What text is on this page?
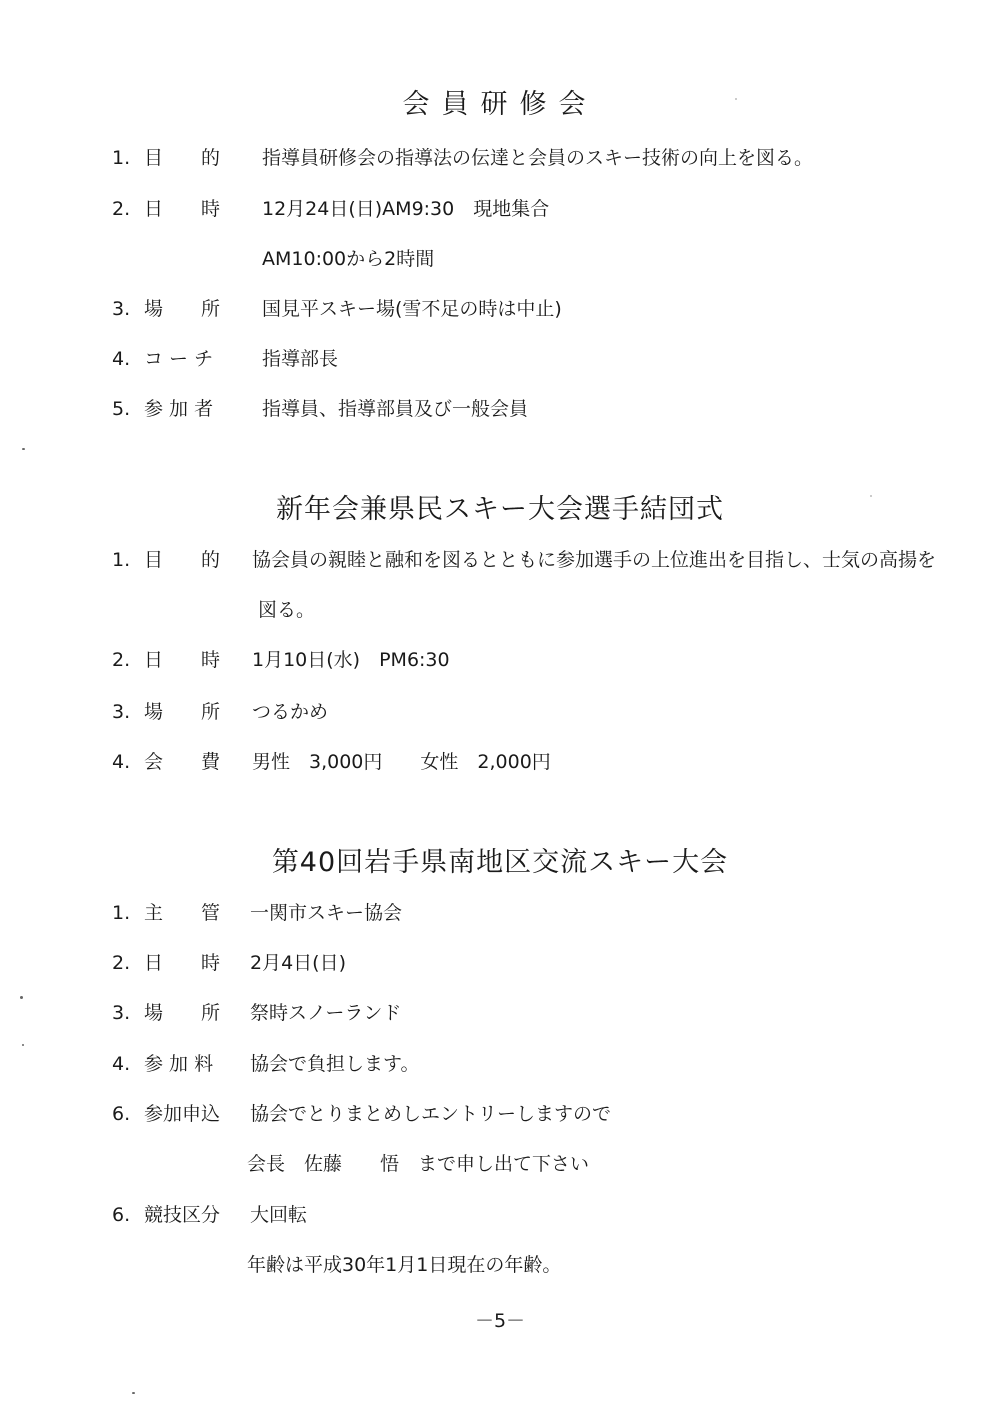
会員研修会
1. 目　　的	指導員研修会の指導法の伝達と会員のスキー技術の向上を図る。
2. 日　　時	12月24日(日)AM9:30　現地集合
AM10:00から2時間
3. 場　　所	国見平スキー場(雪不足の時は中止)
4. コ ー チ	指導部長
5. 参 加 者	指導員、指導部員及び一般会員
新年会兼県民スキー大会選手結団式
1. 目　　的	協会員の親睦と融和を図るとともに参加選手の上位進出を目指し、士気の高揚を
図る。
2. 日　　時	1月10日(水)　PM6:30
3. 場　　所	つるかめ
4. 会　　費	男性　3,000円　　女性　2,000円
第40回岩手県南地区交流スキー大会
1. 主　　管	一関市スキー協会
2. 日　　時	2月4日(日)
3. 場　　所	祭時スノーランド
4. 参 加 料	協会で負担します。
6. 参加申込	協会でとりまとめしエントリーしますので
会長　佐藤　　悟　まで申し出て下さい
6. 競技区分	大回転
年齢は平成30年1月1日現在の年齢。
－5－
